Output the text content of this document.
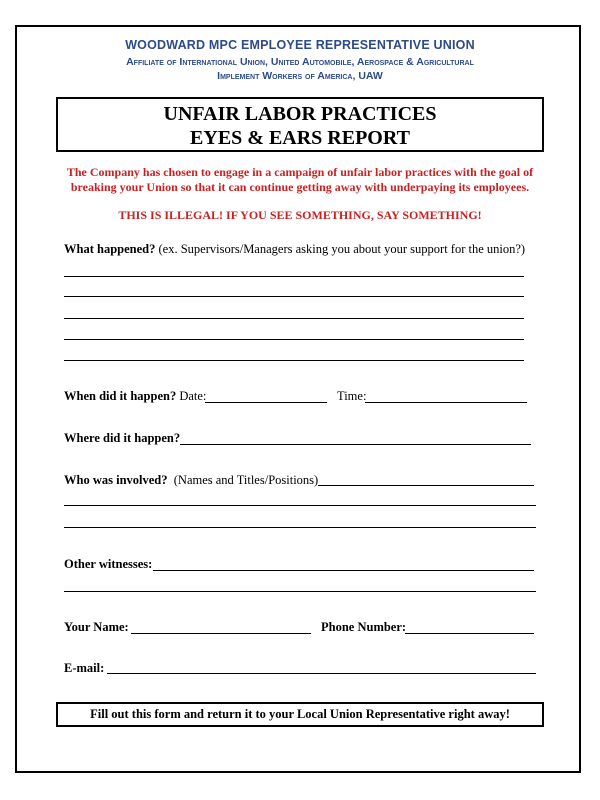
WOODWARD MPC EMPLOYEE REPRESENTATIVE UNION
Affiliate of International Union, United Automobile, Aerospace & Agricultural
Implement Workers of America, UAW
UNFAIR LABOR PRACTICES
EYES & EARS REPORT
The Company has chosen to engage in a campaign of unfair labor practices with the goal of
breaking your Union so that it can continue getting away with underpaying its employees.
THIS IS ILLEGAL! IF YOU SEE SOMETHING, SAY SOMETHING!
What happened? (ex. Supervisors/Managers asking you about your support for the union?)
When did it happen? Date:	Time:
Where did it happen?
Who was involved? (Names and Titles/Positions)
Other witnesses:
Your Name:	Phone Number:
E-mail:
Fill out this form and return it to your Local Union Representative right away!
